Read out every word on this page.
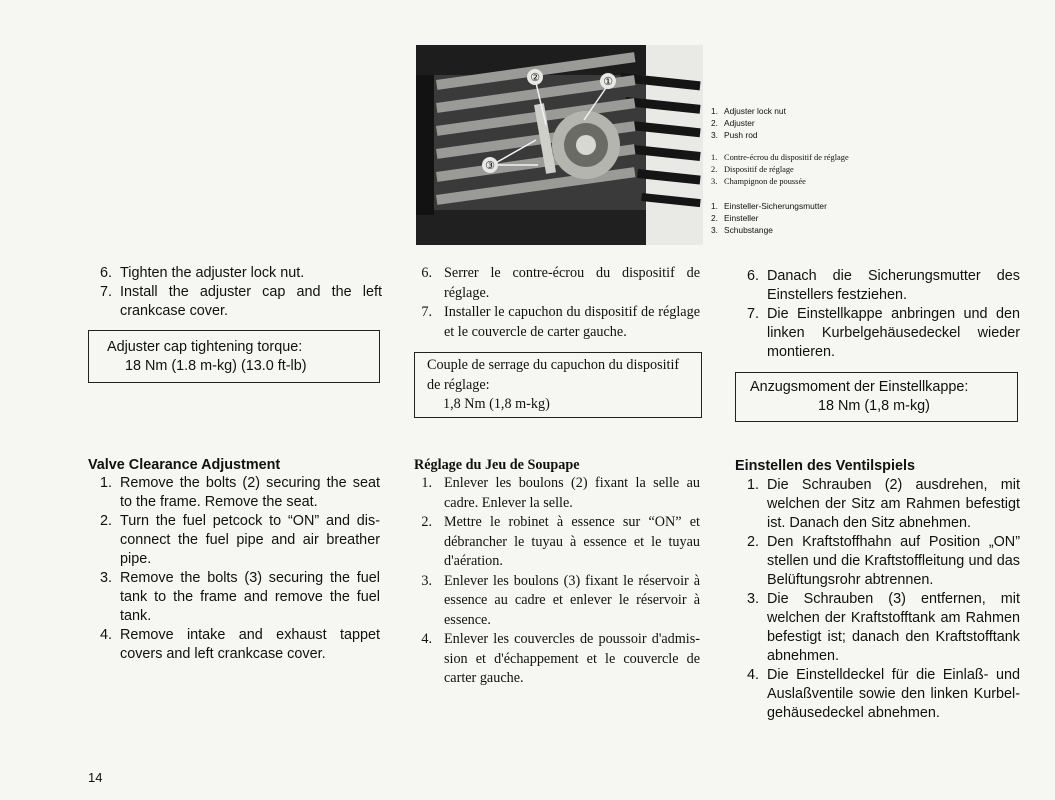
①
②
③
1. Adjuster lock nut
2. Adjuster
3. Push rod
1. Contre-écrou du dispositif de réglage
2. Dispositif de réglage
3. Champignon de poussée
1. Einsteller-Sicherungsmutter
2. Einsteller
3. Schubstange
6. Tighten the adjuster lock nut.
7. Install the adjuster cap and the left crankcase cover.
Adjuster cap tightening torque:
18 Nm (1.8 m-kg) (13.0 ft-lb)
Valve Clearance Adjustment
1. Remove the bolts (2) securing the seat to the frame. Remove the seat.
2. Turn the fuel petcock to “ON” and dis- connect the fuel pipe and air breather pipe.
3. Remove the bolts (3) securing the fuel tank to the frame and remove the fuel tank.
4. Remove intake and exhaust tappet covers and left crankcase cover.
6. Serrer le contre-écrou du dispositif de réglage.
7. Installer le capuchon du dispositif de réglage et le couvercle de carter gauche.
Couple de serrage du capuchon du dispositif de réglage:
1,8 Nm (1,8 m-kg)
Réglage du Jeu de Soupape
1. Enlever les boulons (2) fixant la selle au cadre. Enlever la selle.
2. Mettre le robinet à essence sur “ON” et débrancher le tuyau à essence et le tuyau d'aération.
3. Enlever les boulons (3) fixant le réservoir à essence au cadre et enlever le réservoir à essence.
4. Enlever les couvercles de poussoir d'admis- sion et d'échappement et le couvercle de carter gauche.
6. Danach die Sicherungsmutter des Einstellers festziehen.
7. Die Einstellkappe anbringen und den linken Kurbelgehäusedeckel wieder montieren.
Anzugsmoment der Einstellkappe:
18 Nm (1,8 m-kg)
Einstellen des Ventilspiels
1. Die Schrauben (2) ausdrehen, mit welchen der Sitz am Rahmen befestigt ist. Danach den Sitz abnehmen.
2. Den Kraftstoffhahn auf Position „ON” stellen und die Kraftstoffleitung und das Belüftungsrohr abtrennen.
3. Die Schrauben (3) entfernen, mit welchen der Kraftstofftank am Rahmen befestigt ist; danach den Kraftstofftank abnehmen.
4. Die Einstelldeckel für die Einlaß- und Auslaßventile sowie den linken Kurbel- gehäusedeckel abnehmen.
14
